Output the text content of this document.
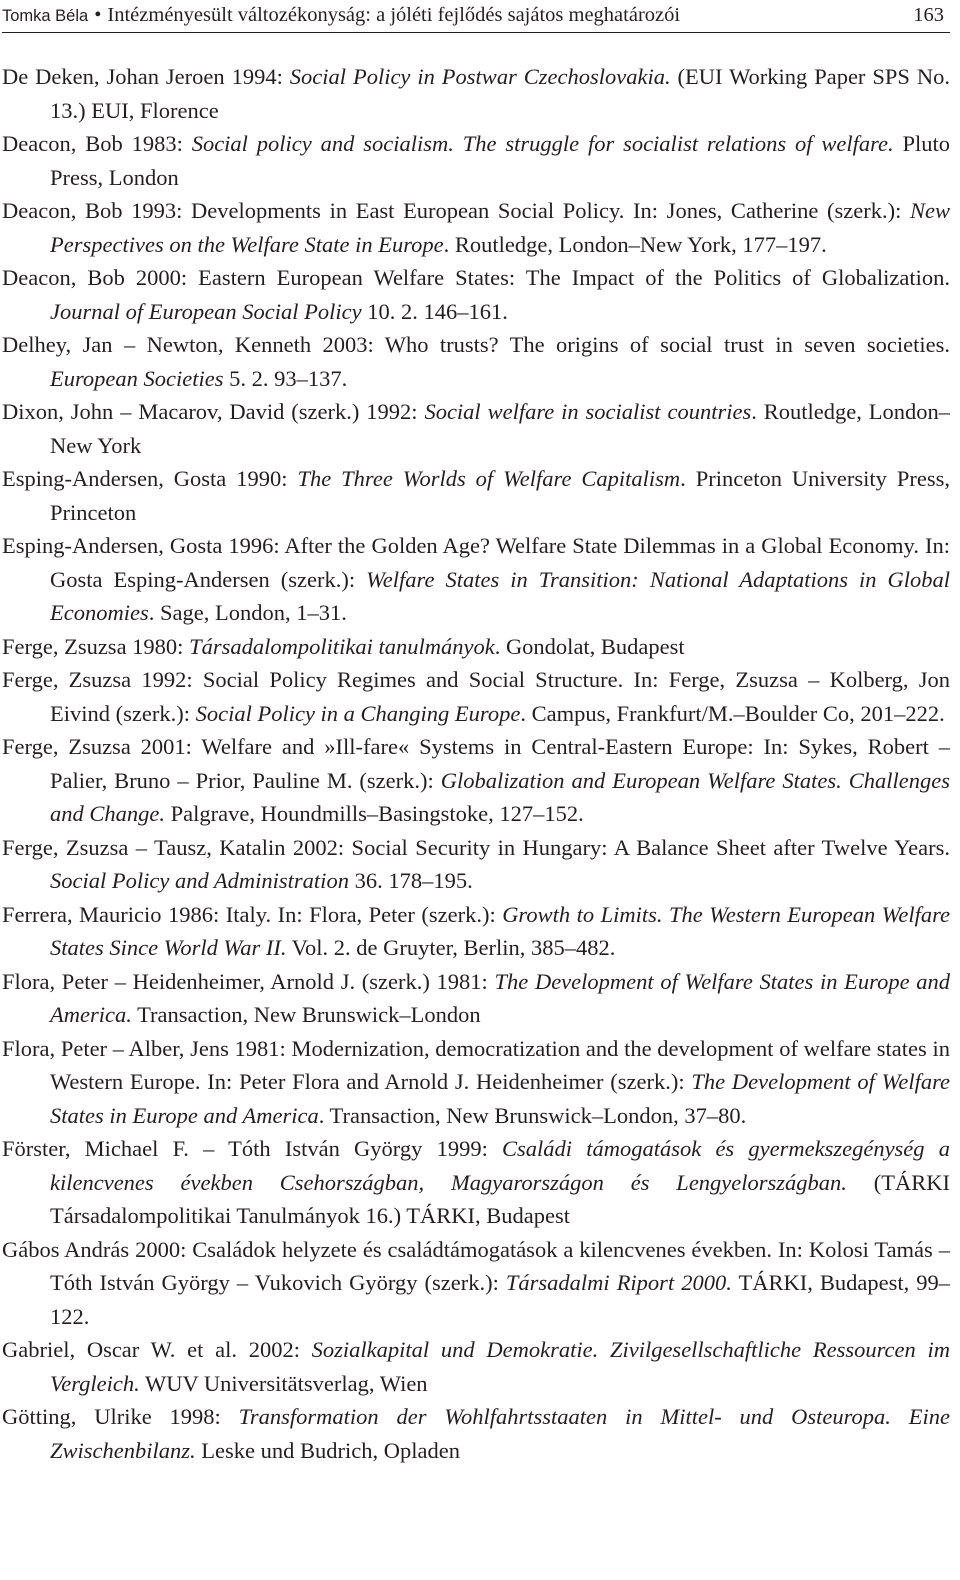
Tomka Béla • Intézményesült változékonyság: a jóléti fejlődés sajátos meghatározói	163

De Deken, Johan Jeroen 1994: Social Policy in Postwar Czechoslovakia. (EUI Working Paper SPS No. 13.) EUI, Florence

Deacon, Bob 1983: Social policy and socialism. The struggle for socialist relations of welfare. Pluto Press, London

Deacon, Bob 1993: Developments in East European Social Policy. In: Jones, Catherine (szerk.): New Perspectives on the Welfare State in Europe. Routledge, London–New York, 177–197.

Deacon, Bob 2000: Eastern European Welfare States: The Impact of the Politics of Globalization. Journal of European Social Policy 10. 2. 146–161.

Delhey, Jan – Newton, Kenneth 2003: Who trusts? The origins of social trust in seven societies. European Societies 5. 2. 93–137.

Dixon, John – Macarov, David (szerk.) 1992: Social welfare in socialist countries. Routledge, London–New York

Esping-Andersen, Gosta 1990: The Three Worlds of Welfare Capitalism. Princeton University Press, Princeton

Esping-Andersen, Gosta 1996: After the Golden Age? Welfare State Dilemmas in a Global Economy. In: Gosta Esping-Andersen (szerk.): Welfare States in Transition: National Adaptations in Global Economies. Sage, London, 1–31.

Ferge, Zsuzsa 1980: Társadalompolitikai tanulmányok. Gondolat, Budapest

Ferge, Zsuzsa 1992: Social Policy Regimes and Social Structure. In: Ferge, Zsuzsa – Kolberg, Jon Eivind (szerk.): Social Policy in a Changing Europe. Campus, Frankfurt/M.–Boulder Co, 201–222.

Ferge, Zsuzsa 2001: Welfare and »Ill-fare« Systems in Central-Eastern Europe: In: Sykes, Robert – Palier, Bruno – Prior, Pauline M. (szerk.): Globalization and European Welfare States. Challenges and Change. Palgrave, Houndmills–Basingstoke, 127–152.

Ferge, Zsuzsa – Tausz, Katalin 2002: Social Security in Hungary: A Balance Sheet after Twelve Years. Social Policy and Administration 36. 178–195.

Ferrera, Mauricio 1986: Italy. In: Flora, Peter (szerk.): Growth to Limits. The Western European Welfare States Since World War II. Vol. 2. de Gruyter, Berlin, 385–482.

Flora, Peter – Heidenheimer, Arnold J. (szerk.) 1981: The Development of Welfare States in Europe and America. Transaction, New Brunswick–London

Flora, Peter – Alber, Jens 1981: Modernization, democratization and the development of welfare states in Western Europe. In: Peter Flora and Arnold J. Heidenheimer (szerk.): The Development of Welfare States in Europe and America. Transaction, New Brunswick–London, 37–80.

Förster, Michael F. – Tóth István György 1999: Családi támogatások és gyermekszegénység a kilencvenes években Csehországban, Magyarországon és Lengyelországban. (TÁRKI Társadalompolitikai Tanulmányok 16.) TÁRKI, Budapest

Gábos András 2000: Családok helyzete és családtámogatások a kilencvenes években. In: Kolosi Tamás – Tóth István György – Vukovich György (szerk.): Társadalmi Riport 2000. TÁRKI, Budapest, 99–122.

Gabriel, Oscar W. et al. 2002: Sozialkapital und Demokratie. Zivilgesellschaftliche Ressourcen im Vergleich. WUV Universitätsverlag, Wien

Götting, Ulrike 1998: Transformation der Wohlfahrtsstaaten in Mittel- und Osteuropa. Eine Zwischenbilanz. Leske und Budrich, Opladen
